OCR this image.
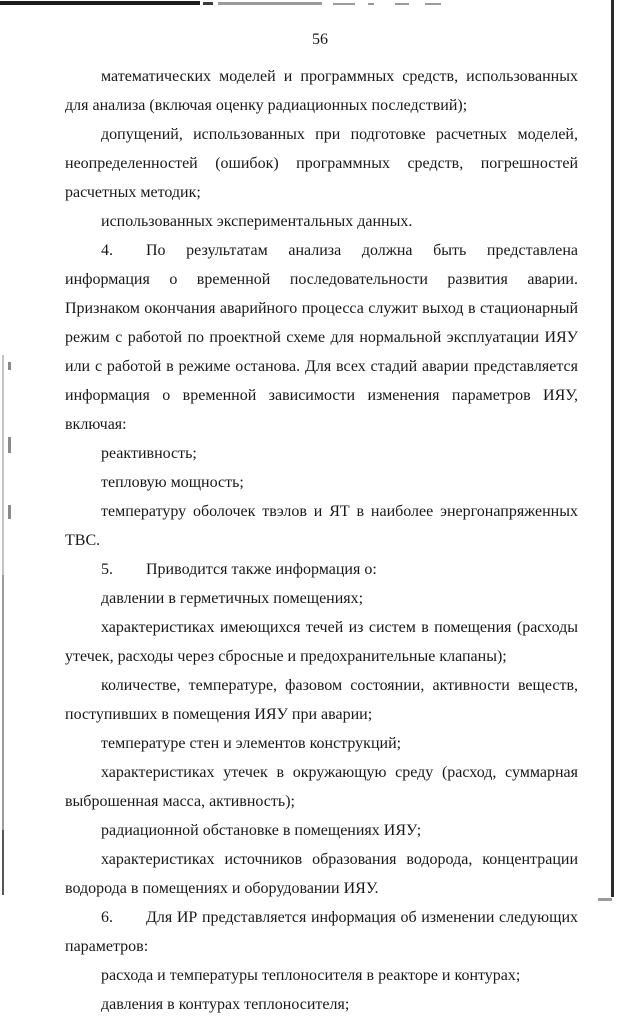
56

математических моделей и программных средств, использованных для анализа (включая оценку радиационных последствий);

допущений, использованных при подготовке расчетных моделей, неопределенностей (ошибок) программных средств, погрешностей расчетных методик;

использованных экспериментальных данных.

4. По результатам анализа должна быть представлена информация о временной последовательности развития аварии. Признаком окончания аварийного процесса служит выход в стационарный режим с работой по проектной схеме для нормальной эксплуатации ИЯУ или с работой в режиме останова. Для всех стадий аварии представляется информация о временной зависимости изменения параметров ИЯУ, включая:

реактивность;

тепловую мощность;

температуру оболочек твэлов и ЯТ в наиболее энергонапряженных ТВС.

5. Приводится также информация о:

давлении в герметичных помещениях;

характеристиках имеющихся течей из систем в помещения (расходы утечек, расходы через сбросные и предохранительные клапаны);

количестве, температуре, фазовом состоянии, активности веществ, поступивших в помещения ИЯУ при аварии;

температуре стен и элементов конструкций;

характеристиках утечек в окружающую среду (расход, суммарная выброшенная масса, активность);

радиационной обстановке в помещениях ИЯУ;

характеристиках источников образования водорода, концентрации водорода в помещениях и оборудовании ИЯУ.

6. Для ИР представляется информация об изменении следующих параметров:

расхода и температуры теплоносителя в реакторе и контурах;

давления в контурах теплоносителя;
